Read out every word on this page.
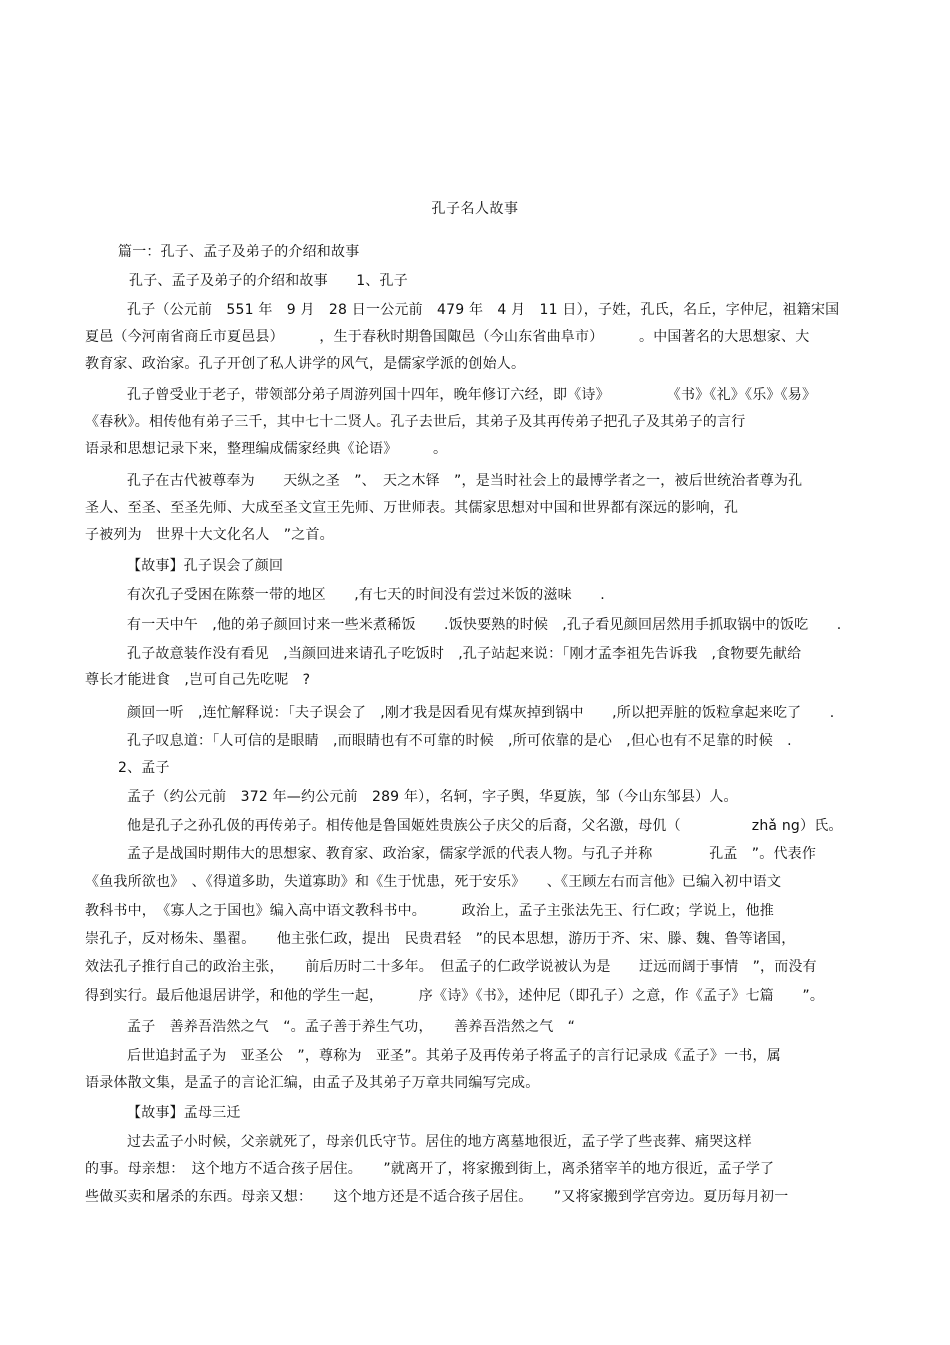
孔子名人故事
篇一：孔子、孟子及弟子的介绍和故事
孔子、孟子及弟子的介绍和故事　　1、孔子
孔子（公元前　551 年　9 月　28 日一公元前　479 年　4 月　11 日），子姓，孔氏，名丘，字仲尼，祖籍宋国
夏邑（今河南省商丘市夏邑县）　　　，生于春秋时期鲁国陬邑（今山东省曲阜市）　　　。中国著名的大思想家、大
教育家、政治家。孔子开创了私人讲学的风气，是儒家学派的创始人。
孔子曾受业于老子，带领部分弟子周游列国十四年，晚年修订六经，即《诗》　　　　　《书》《礼》《乐》《易》
《春秋》。相传他有弟子三千，其中七十二贤人。孔子去世后，其弟子及其再传弟子把孔子及其弟子的言行
语录和思想记录下来，整理编成儒家经典《论语》　　　。
孔子在古代被尊奉为　　天纵之圣　”、　天之木铎　”，是当时社会上的最博学者之一，被后世统治者尊为孔
圣人、至圣、至圣先师、大成至圣文宣王先师、万世师表。其儒家思想对中国和世界都有深远的影响，孔
子被列为　世界十大文化名人　”之首。
【故事】孔子误会了颜回
有次孔子受困在陈蔡一带的地区　　,有七天的时间没有尝过米饭的滋味　　.
有一天中午　,他的弟子颜回讨来一些米煮稀饭　　.饭快要熟的时候　,孔子看见颜回居然用手抓取锅中的饭吃　　.
孔子故意装作没有看见　,当颜回进来请孔子吃饭时　,孔子站起来说：「刚才孟李祖先告诉我　,食物要先献给
尊长才能进食　,岂可自己先吃呢　?
颜回一听　,连忙解释说：「夫子误会了　,刚才我是因看见有煤灰掉到锅中　　,所以把弄脏的饭粒拿起来吃了　　.
孔子叹息道：「人可信的是眼睛　,而眼睛也有不可靠的时候　,所可依靠的是心　,但心也有不足靠的时候　.
2、孟子
孟子（约公元前　372 年—约公元前　289 年），名轲，字子舆，华夏族，邹（今山东邹县）人。
他是孔子之孙孔伋的再传弟子。相传他是鲁国姬姓贵族公子庆父的后裔，父名激，母仉（　　　　　zhǎ ng）氏。
孟子是战国时期伟大的思想家、教育家、政治家，儒家学派的代表人物。与孔子并称　　　　孔孟　”。代表作
《鱼我所欲也》　、《得道多助，失道寡助》和《生于忧患，死于安乐》　　、《王顾左右而言他》已编入初中语文
教科书中，　《寡人之于国也》编入高中语文教科书中。　　　政治上，孟子主张法先王、行仁政；学说上，他推
崇孔子，反对杨朱、墨翟。　　他主张仁政，提出　民贵君轻　”的民本思想，游历于齐、宋、滕、魏、鲁等诸国，
效法孔子推行自己的政治主张，　　前后历时二十多年。　但孟子的仁政学说被认为是　　迂远而阔于事情　”，而没有
得到实行。最后他退居讲学，和他的学生一起，　　　序《诗》《书》，述仲尼（即孔子）之意，作《孟子》七篇　　”。
孟子　善养吾浩然之气　“。孟子善于养生气功，　　善养吾浩然之气　“
后世追封孟子为　亚圣公　”，尊称为　亚圣”。其弟子及再传弟子将孟子的言行记录成《孟子》一书，属
语录体散文集，是孟子的言论汇编，由孟子及其弟子万章共同编写完成。
【故事】孟母三迁
过去孟子小时候，父亲就死了，母亲仉氏守节。居住的地方离墓地很近，孟子学了些丧葬、痛哭这样
的事。母亲想：　这个地方不适合孩子居住。　　”就离开了，将家搬到街上，离杀猪宰羊的地方很近，孟子学了
些做买卖和屠杀的东西。母亲又想：　　这个地方还是不适合孩子居住。　　”又将家搬到学宫旁边。夏历每月初一
